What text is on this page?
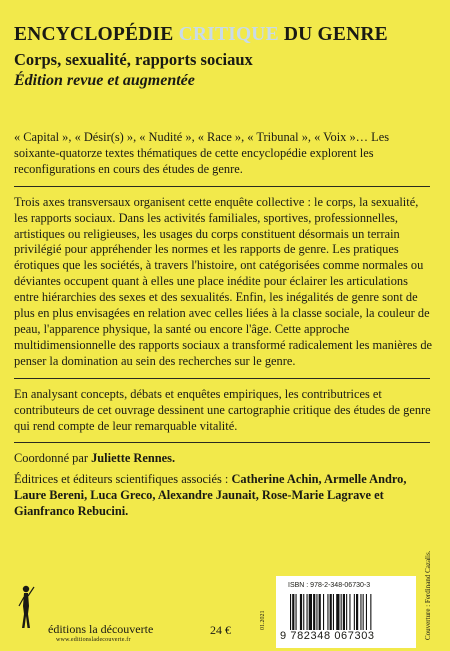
ENCYCLOPÉDIE CRITIQUE DU GENRE
Corps, sexualité, rapports sociaux
Édition revue et augmentée

« Capital », « Désir(s) », « Nudité », « Race », « Tribunal », « Voix »… Les soixante-quatorze textes thématiques de cette encyclopédie explorent les reconfigurations en cours des études de genre.

Trois axes transversaux organisent cette enquête collective : le corps, la sexualité, les rapports sociaux. Dans les activités familiales, sportives, professionnelles, artistiques ou religieuses, les usages du corps constituent désormais un terrain privilégié pour appréhender les normes et les rapports de genre. Les pratiques érotiques que les sociétés, à travers l'histoire, ont catégorisées comme normales ou déviantes occupent quant à elles une place inédite pour éclairer les articulations entre hiérarchies des sexes et des sexualités. Enfin, les inégalités de genre sont de plus en plus envisagées en relation avec celles liées à la classe sociale, la couleur de peau, l'apparence physique, la santé ou encore l'âge. Cette approche multidimensionnelle des rapports sociaux a transformé radicalement les manières de penser la domination au sein des recherches sur le genre.

En analysant concepts, débats et enquêtes empiriques, les contributrices et contributeurs de cet ouvrage dessinent une cartographie critique des études de genre qui rend compte de leur remarquable vitalité.

Coordonné par Juliette Rennes.
Éditrices et éditeurs scientifiques associés : Catherine Achin, Armelle Andro, Laure Bereni, Luca Greco, Alexandre Jaunait, Rose-Marie Lagrave et Gianfranco Rebucini.
éditions la découverte
www.editionsladecouverte.fr
24 €	01.2021
ISBN : 978-2-348-06730-3
9 782348 067303	Couverture : Ferdinand Cazalis.
